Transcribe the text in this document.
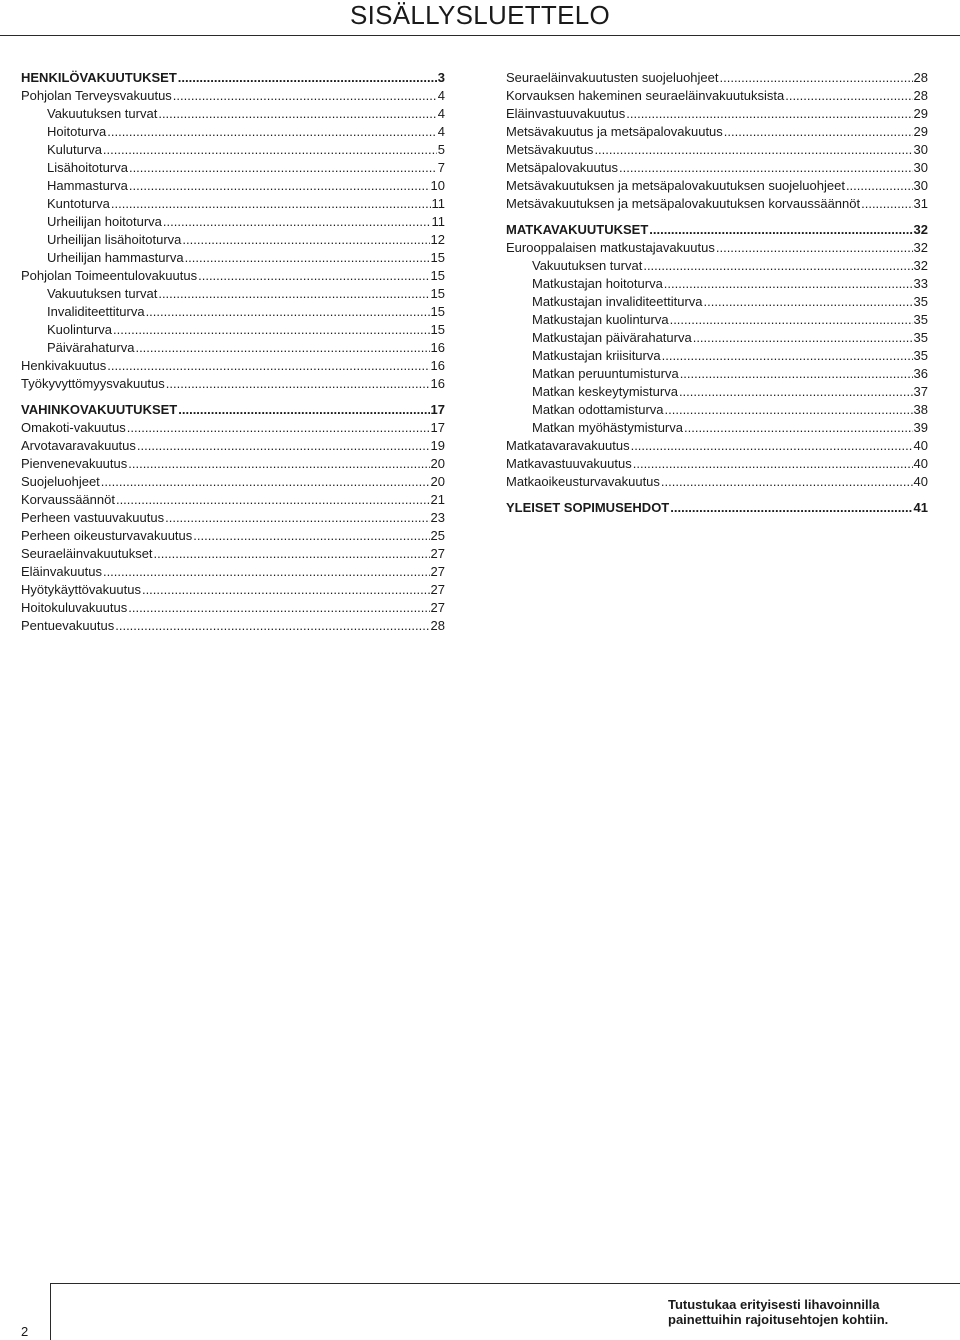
SISÄLLYSLUETTELO
HENKILÖVAKUUTUKSET .....	3
Pohjolan Terveysvakuutus .....	4
Vakuutuksen turvat .....	4
Hoitoturva .....	4
Kuluturva .....	5
Lisähoitoturva .....	7
Hammasturva .....	10
Kuntoturva .....	11
Urheilijan hoitoturva .....	11
Urheilijan lisähoitoturva .....	12
Urheilijan hammasturva .....	15
Pohjolan Toimeentulovakuutus .....	15
Vakuutuksen turvat .....	15
Invaliditeettiturva .....	15
Kuolinturva .....	15
Päivärahaturva .....	16
Henkivakuutus .....	16
Työkyvyttömyysvakuutus .....	16
VAHINKOVAKUUTUKSET .....	17
Omakoti-vakuutus .....	17
Arvotavaravakuutus .....	19
Pienvenevakuutus .....	20
Suojeluohjeet .....	20
Korvaussäännöt .....	21
Perheen vastuuvakuutus .....	23
Perheen oikeusturvavakuutus .....	25
Seuraeläinvakuutukset .....	27
Eläinvakuutus .....	27
Hyötykäyttövakuutus .....	27
Hoitokuluvakuutus .....	27
Pentuevakuutus .....	28
Seuraeläinvakuutusten suojeluohjeet .....	28
Korvauksen hakeminen seuraeläinvakuutuksista .....	28
Eläinvastuuvakuutus .....	29
Metsävakuutus ja metsäpalovakuutus .....	29
Metsävakuutus .....	30
Metsäpalovakuutus .....	30
Metsävakuutuksen ja metsäpalovakuutuksen suojeluohjeet .....	30
Metsävakuutuksen ja metsäpalovakuutuksen korvaussäännöt .....	31
MATKAVAKUUTUKSET .....	32
Eurooppalaisen matkustajavakuutus .....	32
Vakuutuksen turvat .....	32
Matkustajan hoitoturva .....	33
Matkustajan invaliditeettiturva .....	35
Matkustajan kuolinturva .....	35
Matkustajan päivärahaturva .....	35
Matkustajan kriisiturva .....	35
Matkan peruuntumisturva .....	36
Matkan keskeytymisturva .....	37
Matkan odottamisturva .....	38
Matkan myöhästymisturva .....	39
Matkatavaravakuutus .....	40
Matkavastuuvakuutus .....	40
Matkaoikeusturvavakuutus .....	40
YLEISET SOPIMUSEHDOT .....	41
2
Tutustukaa erityisesti lihavoinnilla
painettuihin rajoitusehtojen kohtiin.
